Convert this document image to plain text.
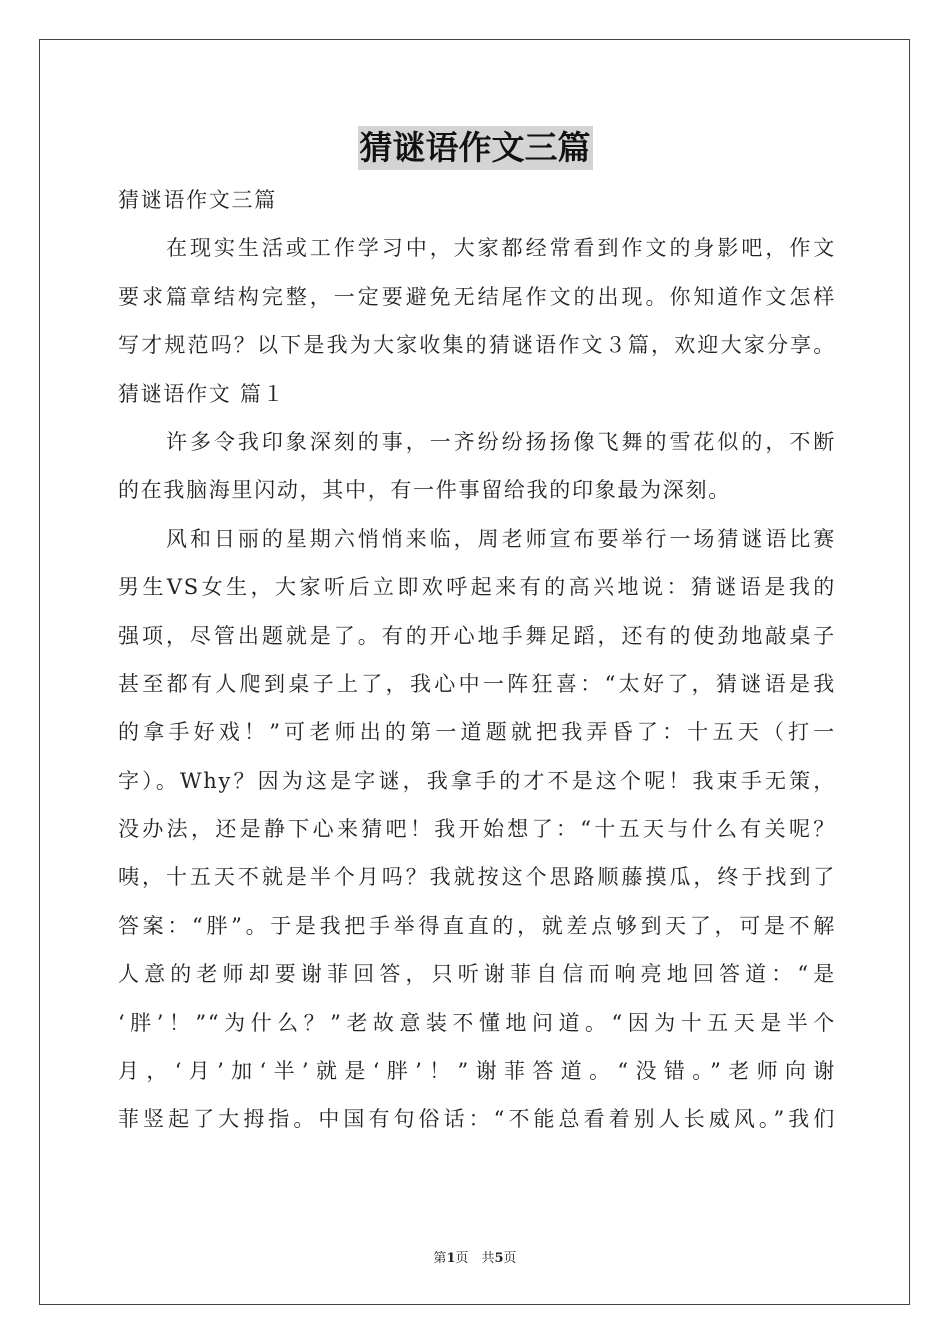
猜谜语作文三篇
猜谜语作文三篇
在现实生活或工作学习中，大家都经常看到作文的身影吧，作文
要求篇章结构完整，一定要避免无结尾作文的出现。你知道作文怎样
写才规范吗？以下是我为大家收集的猜谜语作文３篇，欢迎大家分享。
猜谜语作文 篇１
许多令我印象深刻的事，一齐纷纷扬扬像飞舞的雪花似的，不断
的在我脑海里闪动，其中，有一件事留给我的印象最为深刻。
风和日丽的星期六悄悄来临，周老师宣布要举行一场猜谜语比赛
男生VS女生，大家听后立即欢呼起来有的高兴地说：猜谜语是我的
强项，尽管出题就是了。有的开心地手舞足蹈，还有的使劲地敲桌子
甚至都有人爬到桌子上了，我心中一阵狂喜：“太好了，猜谜语是我
的拿手好戏！”可老师出的第一道题就把我弄昏了：十五天（打一
字）。Why？因为这是字谜，我拿手的才不是这个呢！我束手无策，
没办法，还是静下心来猜吧！我开始想了：“十五天与什么有关呢？
咦，十五天不就是半个月吗？我就按这个思路顺藤摸瓜，终于找到了
答案：“胖”。于是我把手举得直直的，就差点够到天了，可是不解
人意的老师却要谢菲回答，只听谢菲自信而响亮地回答道：“是
‘胖’！”“为什么？”老故意装不懂地问道。“因为十五天是半个
月，‘月’加‘半’就是‘胖’！”谢菲答道。“没错。”老师向谢
菲竖起了大拇指。中国有句俗话：“不能总看着别人长威风。”我们
第1页　共5页
